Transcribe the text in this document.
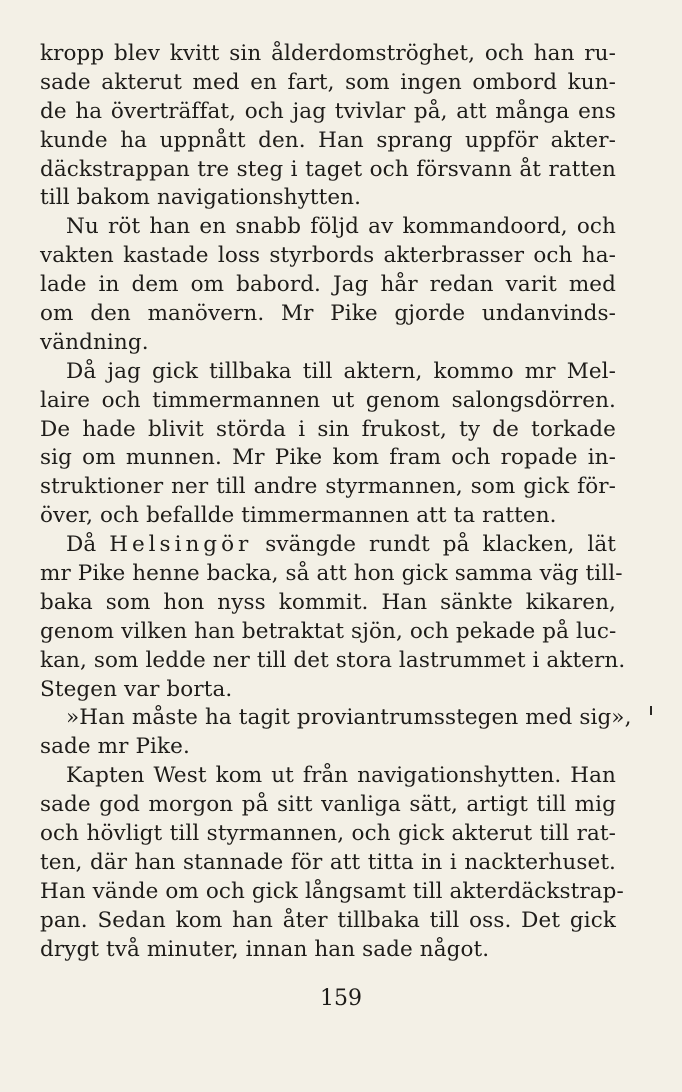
kropp blev kvitt sin ålderdomströghet, och han ru-
sade akterut med en fart, som ingen ombord kun-
de ha överträffat, och jag tvivlar på, att många ens
kunde ha uppnått den. Han sprang uppför akter-
däckstrappan tre steg i taget och försvann åt ratten
till bakom navigationshytten.
Nu röt han en snabb följd av kommandoord, och
vakten kastade loss styrbords akterbrasser och ha-
lade in dem om babord. Jag hår redan varit med
om den manövern. Mr Pike gjorde undanvinds-
vändning.
Då jag gick tillbaka till aktern, kommo mr Mel-
laire och timmermannen ut genom salongsdörren.
De hade blivit störda i sin frukost, ty de torkade
sig om munnen. Mr Pike kom fram och ropade in-
struktioner ner till andre styrmannen, som gick för-
över, och befallde timmermannen att ta ratten.
Då Helsingör svängde rundt på klacken, lät
mr Pike henne backa, så att hon gick samma väg till-
baka som hon nyss kommit. Han sänkte kikaren,
genom vilken han betraktat sjön, och pekade på luc-
kan, som ledde ner till det stora lastrummet i aktern.
Stegen var borta.
»Han måste ha tagit proviantrumsstegen med sig»,
sade mr Pike.
Kapten West kom ut från navigationshytten. Han
sade god morgon på sitt vanliga sätt, artigt till mig
och hövligt till styrmannen, och gick akterut till rat-
ten, där han stannade för att titta in i nackterhuset.
Han vände om och gick långsamt till akterdäckstrap-
pan. Sedan kom han åter tillbaka till oss. Det gick
drygt två minuter, innan han sade något.
159
